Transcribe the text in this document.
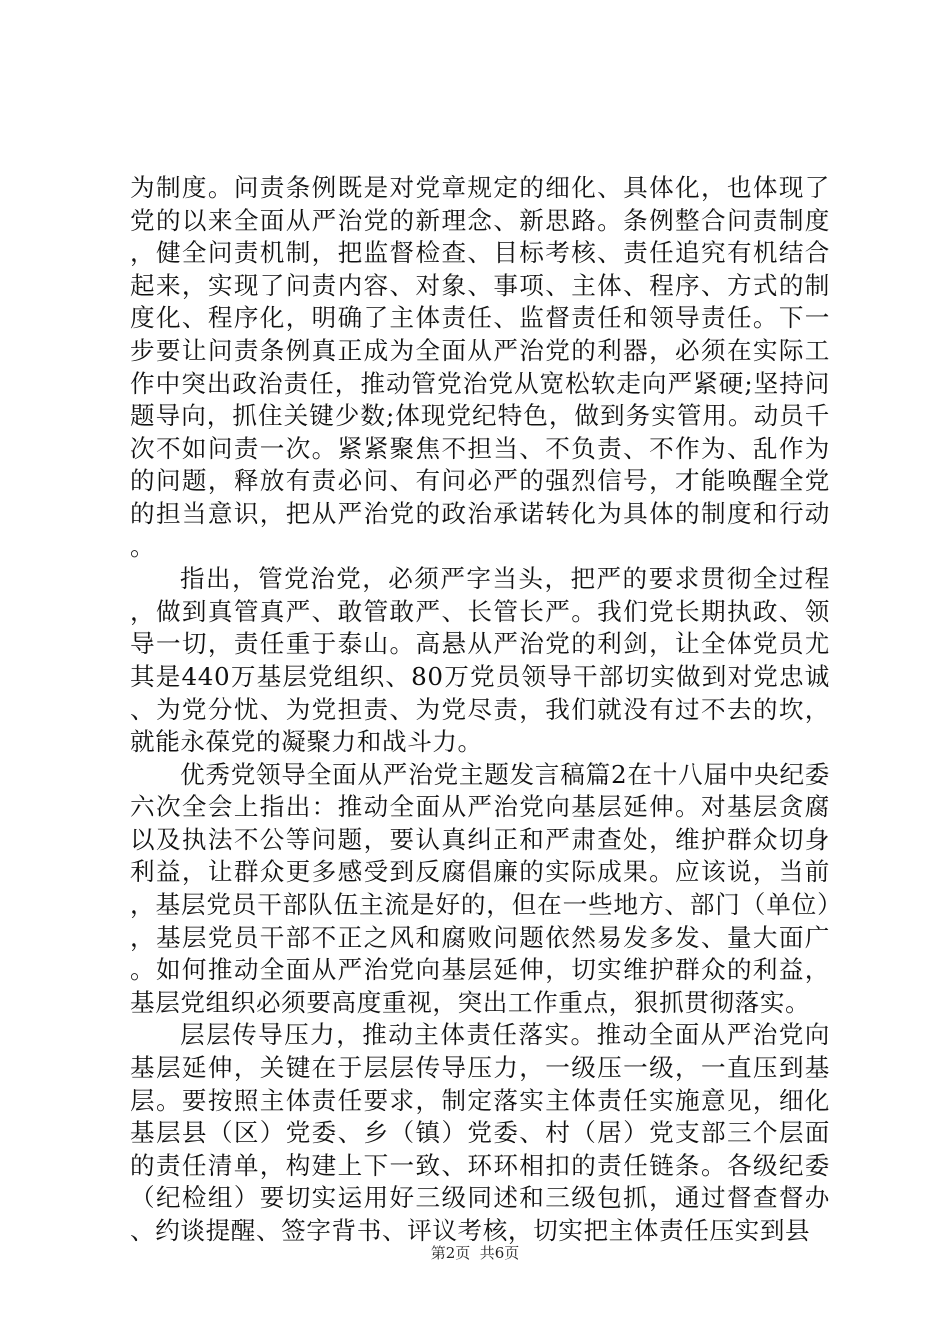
为制度。问责条例既是对党章规定的细化、具体化，也体现了党的以来全面从严治党的新理念、新思路。条例整合问责制度，健全问责机制，把监督检查、目标考核、责任追究有机结合起来，实现了问责内容、对象、事项、主体、程序、方式的制度化、程序化，明确了主体责任、监督责任和领导责任。下一步要让问责条例真正成为全面从严治党的利器，必须在实际工作中突出政治责任，推动管党治党从宽松软走向严紧硬;坚持问题导向，抓住关键少数;体现党纪特色，做到务实管用。动员千次不如问责一次。紧紧聚焦不担当、不负责、不作为、乱作为的问题，释放有责必问、有问必严的强烈信号，才能唤醒全党的担当意识，把从严治党的政治承诺转化为具体的制度和行动。

指出，管党治党，必须严字当头，把严的要求贯彻全过程，做到真管真严、敢管敢严、长管长严。我们党长期执政、领导一切，责任重于泰山。高悬从严治党的利剑，让全体党员尤其是440万基层党组织、80万党员领导干部切实做到对党忠诚、为党分忧、为党担责、为党尽责，我们就没有过不去的坎，就能永葆党的凝聚力和战斗力。

优秀党领导全面从严治党主题发言稿篇2在十八届中央纪委六次全会上指出：推动全面从严治党向基层延伸。对基层贪腐以及执法不公等问题，要认真纠正和严肃查处，维护群众切身利益，让群众更多感受到反腐倡廉的实际成果。应该说，当前，基层党员干部队伍主流是好的，但在一些地方、部门（单位），基层党员干部不正之风和腐败问题依然易发多发、量大面广。如何推动全面从严治党向基层延伸，切实维护群众的利益，基层党组织必须要高度重视，突出工作重点，狠抓贯彻落实。

层层传导压力，推动主体责任落实。推动全面从严治党向基层延伸，关键在于层层传导压力，一级压一级，一直压到基层。要按照主体责任要求，制定落实主体责任实施意见，细化基层县（区）党委、乡（镇）党委、村（居）党支部三个层面的责任清单，构建上下一致、环环相扣的责任链条。各级纪委（纪检组）要切实运用好三级同述和三级包抓，通过督查督办、约谈提醒、签字背书、评议考核，切实把主体责任压实到县

第2页  共6页
